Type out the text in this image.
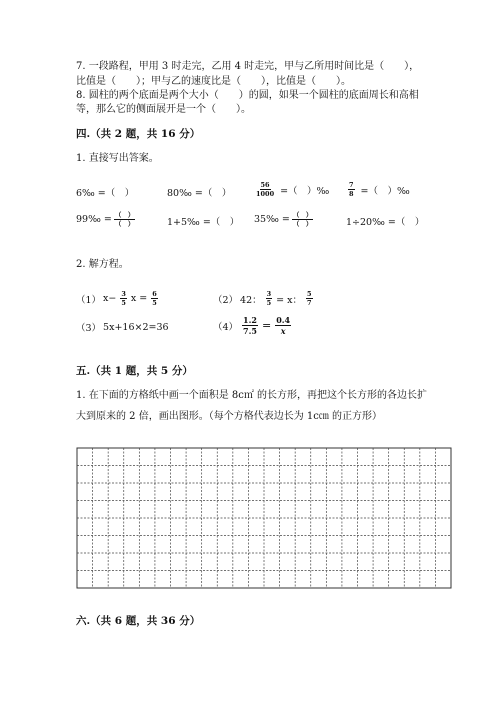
7. 一段路程，甲用 3 时走完，乙用 4 时走完，甲与乙所用时间比是（　　），
比值是（　　）；甲与乙的速度比是（　　），比值是（　　）。
8. 圆柱的两个底面是两个大小（　　）的圆，如果一个圆柱的底面周长和高相
等，那么它的侧面展开是一个（　　）。
四.（共 2 题，共 16 分）
1. 直接写出答案。
6‰ =（　）	80‰ =（　）	$\frac{56}{1000}$ =（　）‰	$\frac{7}{8}$ =（　）‰
99‰ = $\frac{( )}{( )}$	1+5‰ =（　） 35‰ = $\frac{( )}{( )}$	1÷20‰ =（　）
2. 解方程。
（1） $x- \frac{3}{5}$ $x = \frac{6}{5}$	（2） 42： $\frac{3}{5} = x$： $\frac{5}{7}$
（3） 5x+16×2=36	$(4) \frac{1.2}{7.5} = \frac{0.4}{x}$
五.（共 1 题，共 5 分）
1. 在下面的方格纸中画一个面积是 8c㎡ 的长方形，再把这个长方形的各边长扩
大到原来的 2 倍，画出图形。（每个方格代表边长为 1c㎝ 的正方形）
六.（共 6 题，共 36 分）
